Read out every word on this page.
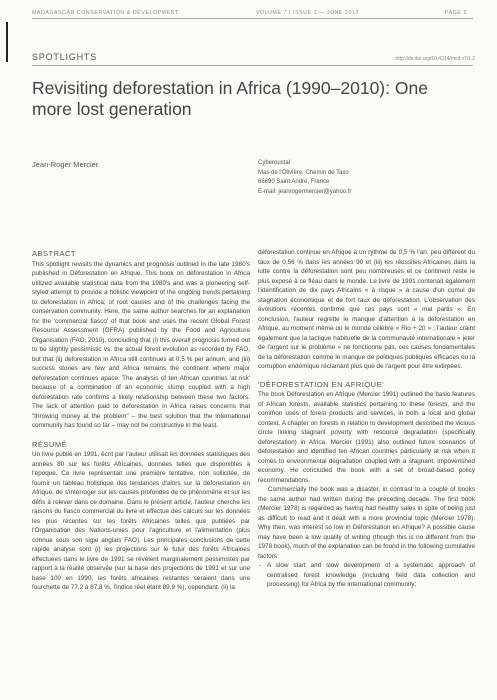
MADAGASCAR CONSERVATION & DEVELOPMENT	VOLUME 7 | ISSUE 1 — JUNE 2012	PAGE 5
SPOTLIGHTS	http://dx.doi.org/10.4314/mcd.v7i1.2
Revisiting deforestation in Africa (1990–2010): One more lost generation
Jean-Roger Mercier	Cyberoustal
Mas de l'Olivière, Chemin de Taxo
66690 Saint André, France
E-mail: jeanrogermercier@yahoo.fr
ABSTRACT

This spotlight revisits the dynamics and prognosis outlined in the late 1980's published in Déforestation en Afrique. This book on deforestation in Africa utilized available statistical data from the 1980's and was a pioneering self-styled attempt to provide a holistic viewpoint of the ongoing trends pertaining to deforestation in Africa; of root causes and of the challenges facing the conservation community. Here, the same author searches for an explanation for the 'commercial fiasco' of that book and uses the recent Global Forest Resource Assessment (GFRA) published by the Food and Agriculture Organisation (FAO, 2010), concluding that (i) this overall prognosis turned out to be slightly pessimistic vs. the actual forest evolution as recorded by FAO, but that (ii) deforestation in Africa still continues at 0.5 % per annum, and (iii) success stories are few and Africa remains the continent where major deforestation continues apace. The analysis of ten African countries 'at risk' because of a combination of an economic slump coupled with a high deforestation rate confirms a likely relationship between these two factors. The lack of attention paid to deforestation in Africa raises concerns that "throwing money at the problem" – the best solution that the international community has found so far – may not be constructive in the least.

RÉSUMÉ

Un livre publié en 1991, écrit par l'auteur utilisait les données statistiques des années 80 sur les forêts Africaines, données telles que disponibles à l'époque. Ce livre représentait une première tentative, non sollicitée, de fournir un tableau holistique des tendances d'alors sur la déforestation en Afrique, de s'interroger sur les causes profondes de ce phénomène et sur les défis à relever dans ce domaine. Dans le présent article, l'auteur cherche les raisons du fiasco commercial du livre et effectue des calculs sur les données les plus récentes sur les forêts Africaines telles que publiées par l'Organisation des Nations-unies pour l'agriculture et l'alimentation (plus connue sous son sigle anglais FAO). Les principales conclusions de cette rapide analyse sont (i) les projections sur le futur des forêts Africaines effectuées dans le livre de 1991 se révèlent marginalement pessimistes par rapport à la réalité observée (sur la base des projections de 1991 et sur une base 100 en 1990, les forêts africaines restantes seraient dans une fourchette de 77,2 à 87,8 %, l'indice réel étant 89,9 %), cependant, (ii) la

déforestation continue en Afrique à un rythme de 0,5 % l'an, peu différent du taux de 0,56 % dans les années 90 et (iii) les réussites Africaines dans la lutte contre la déforestation sont peu nombreuses et ce continent reste le plus exposé à ce fléau dans le monde. Le livre de 1991 contenait également l'identification de dix pays Africains « à risque » à cause d'un cumul de stagnation économique et de fort taux de déforestation. L'observation des évolutions récentes confirme que ces pays sont « mal partis ». En conclusion, l'auteur regrette le manque d'attention à la déforestation en Afrique, au moment même ou le monde célèbre « Rio + 20 » ; l'auteur craint également que la tactique habituelle de la communauté internationale « jeter de l'argent sur le problème » ne fonctionne pas, ces causes fondamentales de la déforestation comme le manque de politiques publiques efficaces ou la corruption endémique réclamant plus que de l'argent pour être extirpées.

'DÉFORESTATION EN AFRIQUE'

The book Déforestation en Afrique (Mercier 1991) outlined the basic features of African forests, available statistics pertaining to these forests, and the common uses of forest products and services, in both a local and global context. A chapter on forests in relation to development described the vicious circle linking stagnant poverty with resource degradation (specifically deforestation) in Africa. Mercier (1991) also outlined future scenarios of deforestation and identified ten African countries particularly at risk when it comes to environmental degradation coupled with a stagnant, impoverished economy. He concluded the book with a set of broad-based policy recommendations.

Commercially the book was a disaster, in contrast to a couple of books the same author had written during the preceding decade. The first book (Mercier 1978) is regarded as having had healthy sales in spite of being just as difficult to read and it dealt with a more provincial topic (Mercier 1978). Why then, was interest so low in Déforestation en Afrique? A possible cause may have been a low quality of writing (though this is no different from the 1978 book), much of the explanation can be found in the following cumulative factors:

- A slow start and slow development of a systematic approach of centralised forest knowledge (including field data collection and processing) for Africa by the international community;
